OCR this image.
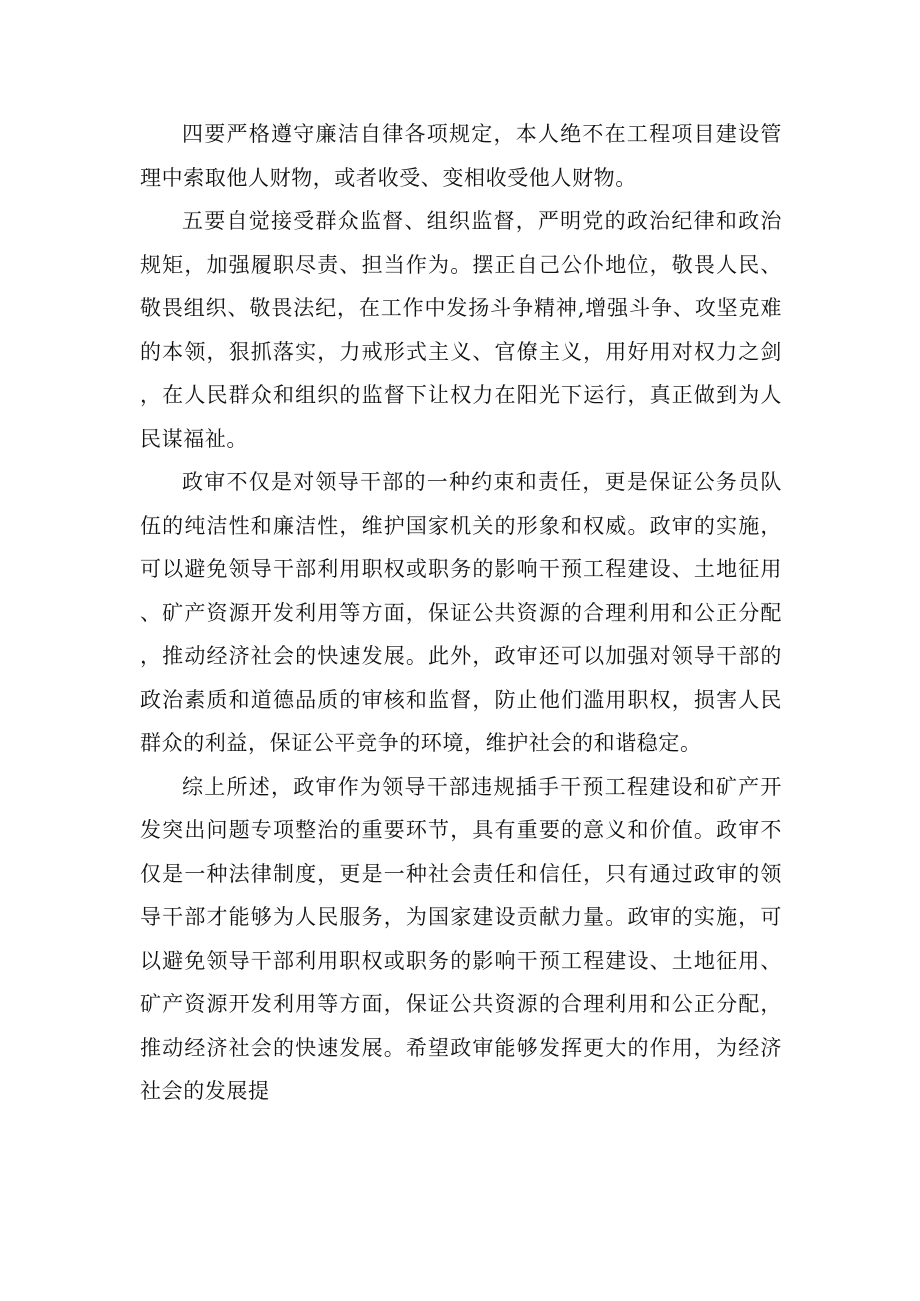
四要严格遵守廉洁自律各项规定，本人绝不在工程项目建设管理中索取他人财物，或者收受、变相收受他人财物。

五要自觉接受群众监督、组织监督，严明党的政治纪律和政治规矩，加强履职尽责、担当作为。摆正自己公仆地位，敬畏人民、敬畏组织、敬畏法纪，在工作中发扬斗争精神,增强斗争、攻坚克难的本领，狠抓落实，力戒形式主义、官僚主义，用好用对权力之剑，在人民群众和组织的监督下让权力在阳光下运行，真正做到为人民谋福祉。

政审不仅是对领导干部的一种约束和责任，更是保证公务员队伍的纯洁性和廉洁性，维护国家机关的形象和权威。政审的实施，可以避免领导干部利用职权或职务的影响干预工程建设、土地征用、矿产资源开发利用等方面，保证公共资源的合理利用和公正分配，推动经济社会的快速发展。此外，政审还可以加强对领导干部的政治素质和道德品质的审核和监督，防止他们滥用职权，损害人民群众的利益，保证公平竞争的环境，维护社会的和谐稳定。

综上所述，政审作为领导干部违规插手干预工程建设和矿产开发突出问题专项整治的重要环节，具有重要的意义和价值。政审不仅是一种法律制度，更是一种社会责任和信任，只有通过政审的领导干部才能够为人民服务，为国家建设贡献力量。政审的实施，可以避免领导干部利用职权或职务的影响干预工程建设、土地征用、矿产资源开发利用等方面，保证公共资源的合理利用和公正分配，推动经济社会的快速发展。希望政审能够发挥更大的作用，为经济社会的发展提
